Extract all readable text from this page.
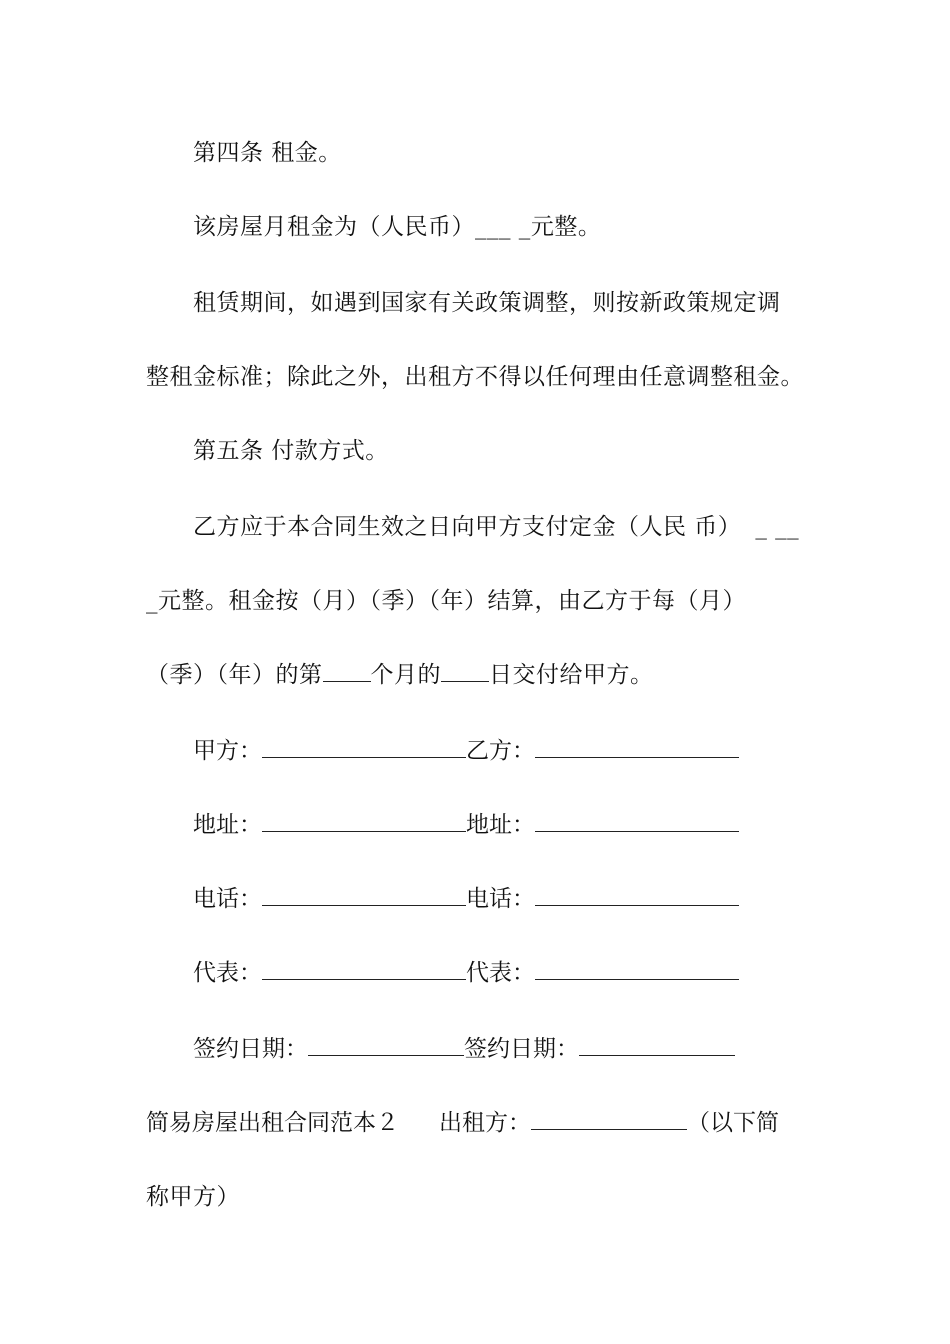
第四条 租金。
该房屋月租金为（人民币）___ _元整。
租赁期间，如遇到国家有关政策调整，则按新政策规定调
整租金标准；除此之外，出租方不得以任何理由任意调整租金。
第五条 付款方式。
乙方应于本合同生效之日向甲方支付定金（人民 币） _ __
_元整。租金按（月）（季）（年）结算，由乙方于每（月）
（季）（年）的第 个月的 日交付给甲方。
甲方：	乙方：
地址：	地址：
电话：	电话：
代表：	代表：
签约日期：	签约日期：
简易房屋出租合同范本２ 出租方：	（以下简
称甲方）
